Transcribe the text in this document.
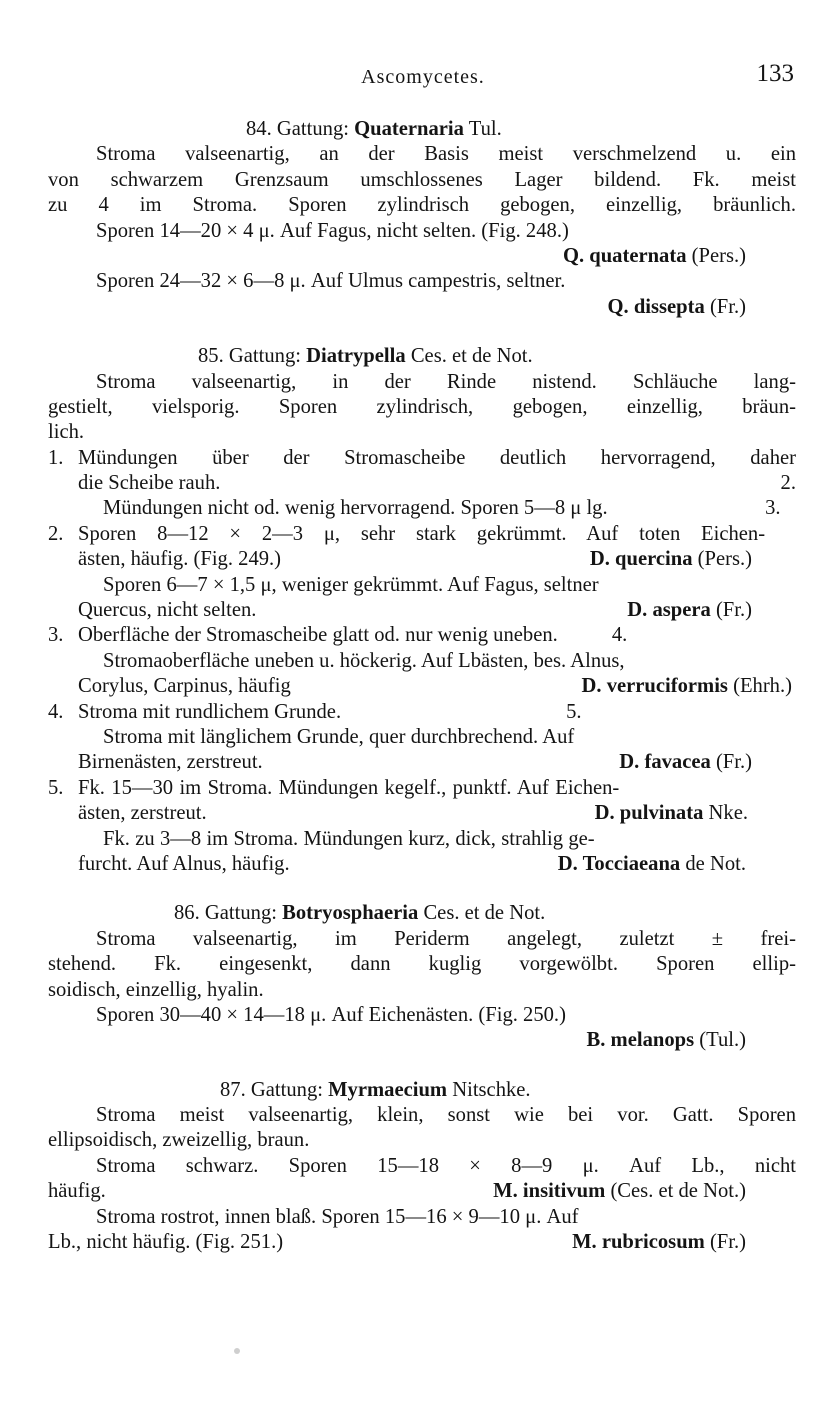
Ascomycetes.	133
84. Gattung: Quaternaria Tul.
Stroma valseenartig, an der Basis meist verschmelzend u. ein
von schwarzem Grenzsaum umschlossenes Lager bildend. Fk. meist
zu 4 im Stroma. Sporen zylindrisch gebogen, einzellig, bräunlich.
Sporen 14—20 × 4 μ. Auf Fagus, nicht selten. (Fig. 248.)
Q. quaternata (Pers.)
Sporen 24—32 × 6—8 μ. Auf Ulmus campestris, seltner.
Q. dissepta (Fr.)
85. Gattung: Diatrypella Ces. et de Not.
Stroma valseenartig, in der Rinde nistend. Schläuche lang-
gestielt, vielsporig. Sporen zylindrisch, gebogen, einzellig, bräun-
lich.
1. Mündungen über der Stromascheibe deutlich hervorragend, daher
die Scheibe rauh.	2.
Mündungen nicht od. wenig hervorragend. Sporen 5—8 μ lg.	3.
2. Sporen 8—12 × 2—3 μ, sehr stark gekrümmt. Auf toten Eichen-
ästen, häufig. (Fig. 249.)	D. quercina (Pers.)
Sporen 6—7 × 1,5 μ, weniger gekrümmt. Auf Fagus, seltner
Quercus, nicht selten.	D. aspera (Fr.)
3. Oberfläche der Stromascheibe glatt od. nur wenig uneben.	4.
Stromaoberfläche uneben u. höckerig. Auf Lbästen, bes. Alnus,
Corylus, Carpinus, häufig	D. verruciformis (Ehrh.)
4. Stroma mit rundlichem Grunde.	5.
Stroma mit länglichem Grunde, quer durchbrechend. Auf
Birnenästen, zerstreut.	D. favacea (Fr.)
5. Fk. 15—30 im Stroma. Mündungen kegelf., punktf. Auf Eichen-
ästen, zerstreut.	D. pulvinata Nke.
Fk. zu 3—8 im Stroma. Mündungen kurz, dick, strahlig ge-
furcht. Auf Alnus, häufig.	D. Tocciaeana de Not.
86. Gattung: Botryosphaeria Ces. et de Not.
Stroma valseenartig, im Periderm angelegt, zuletzt ± frei-
stehend. Fk. eingesenkt, dann kuglig vorgewölbt. Sporen ellip-
soidisch, einzellig, hyalin.
Sporen 30—40 × 14—18 μ. Auf Eichenästen. (Fig. 250.)
B. melanops (Tul.)
87. Gattung: Myrmaecium Nitschke.
Stroma meist valseenartig, klein, sonst wie bei vor. Gatt. Sporen
ellipsoidisch, zweizellig, braun.
Stroma schwarz. Sporen 15—18 × 8—9 μ. Auf Lb., nicht
häufig.	M. insitivum (Ces. et de Not.)
Stroma rostrot, innen blaß. Sporen 15—16 × 9—10 μ. Auf
Lb., nicht häufig. (Fig. 251.)	M. rubricosum (Fr.)
